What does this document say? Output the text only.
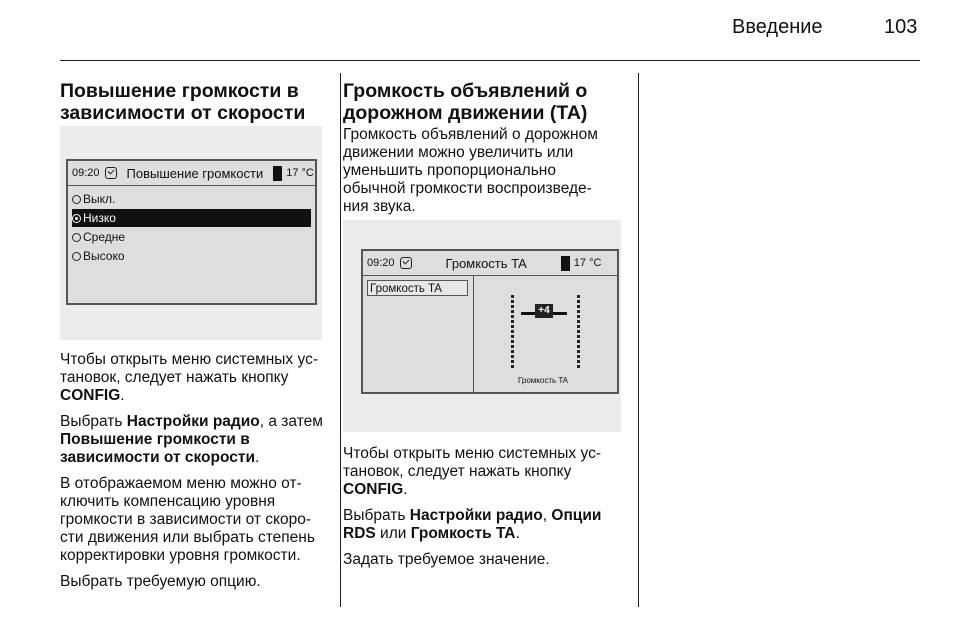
Введение	103
Повышение громкости в
зависимости от скорости
09:20 Повышение громкости 17 °C
Выкл.
Низко
Средне
Высоко

Чтобы открыть меню системных ус-
тановок, следует нажать кнопку
CONFIG.

Выбрать Настройки радио, а затем
Повышение громкости в
зависимости от скорости.

В отображаемом меню можно от-
ключить компенсацию уровня
громкости в зависимости от скоро-
сти движения или выбрать степень
корректировки уровня громкости.

Выбрать требуемую опцию.

Громкость объявлений о
дорожном движении (TA)

Громкость объявлений о дорожном
движении можно увеличить или
уменьшить пропорционально
обычной громкости воспроизведе-
ния звука.

09:20	Громкость TA	17 °C
Громкость TA
+4
Громкость TA

Чтобы открыть меню системных ус-
тановок, следует нажать кнопку
CONFIG.

Выбрать Настройки радио, Опции
RDS или Громкость TA.

Задать требуемое значение.
